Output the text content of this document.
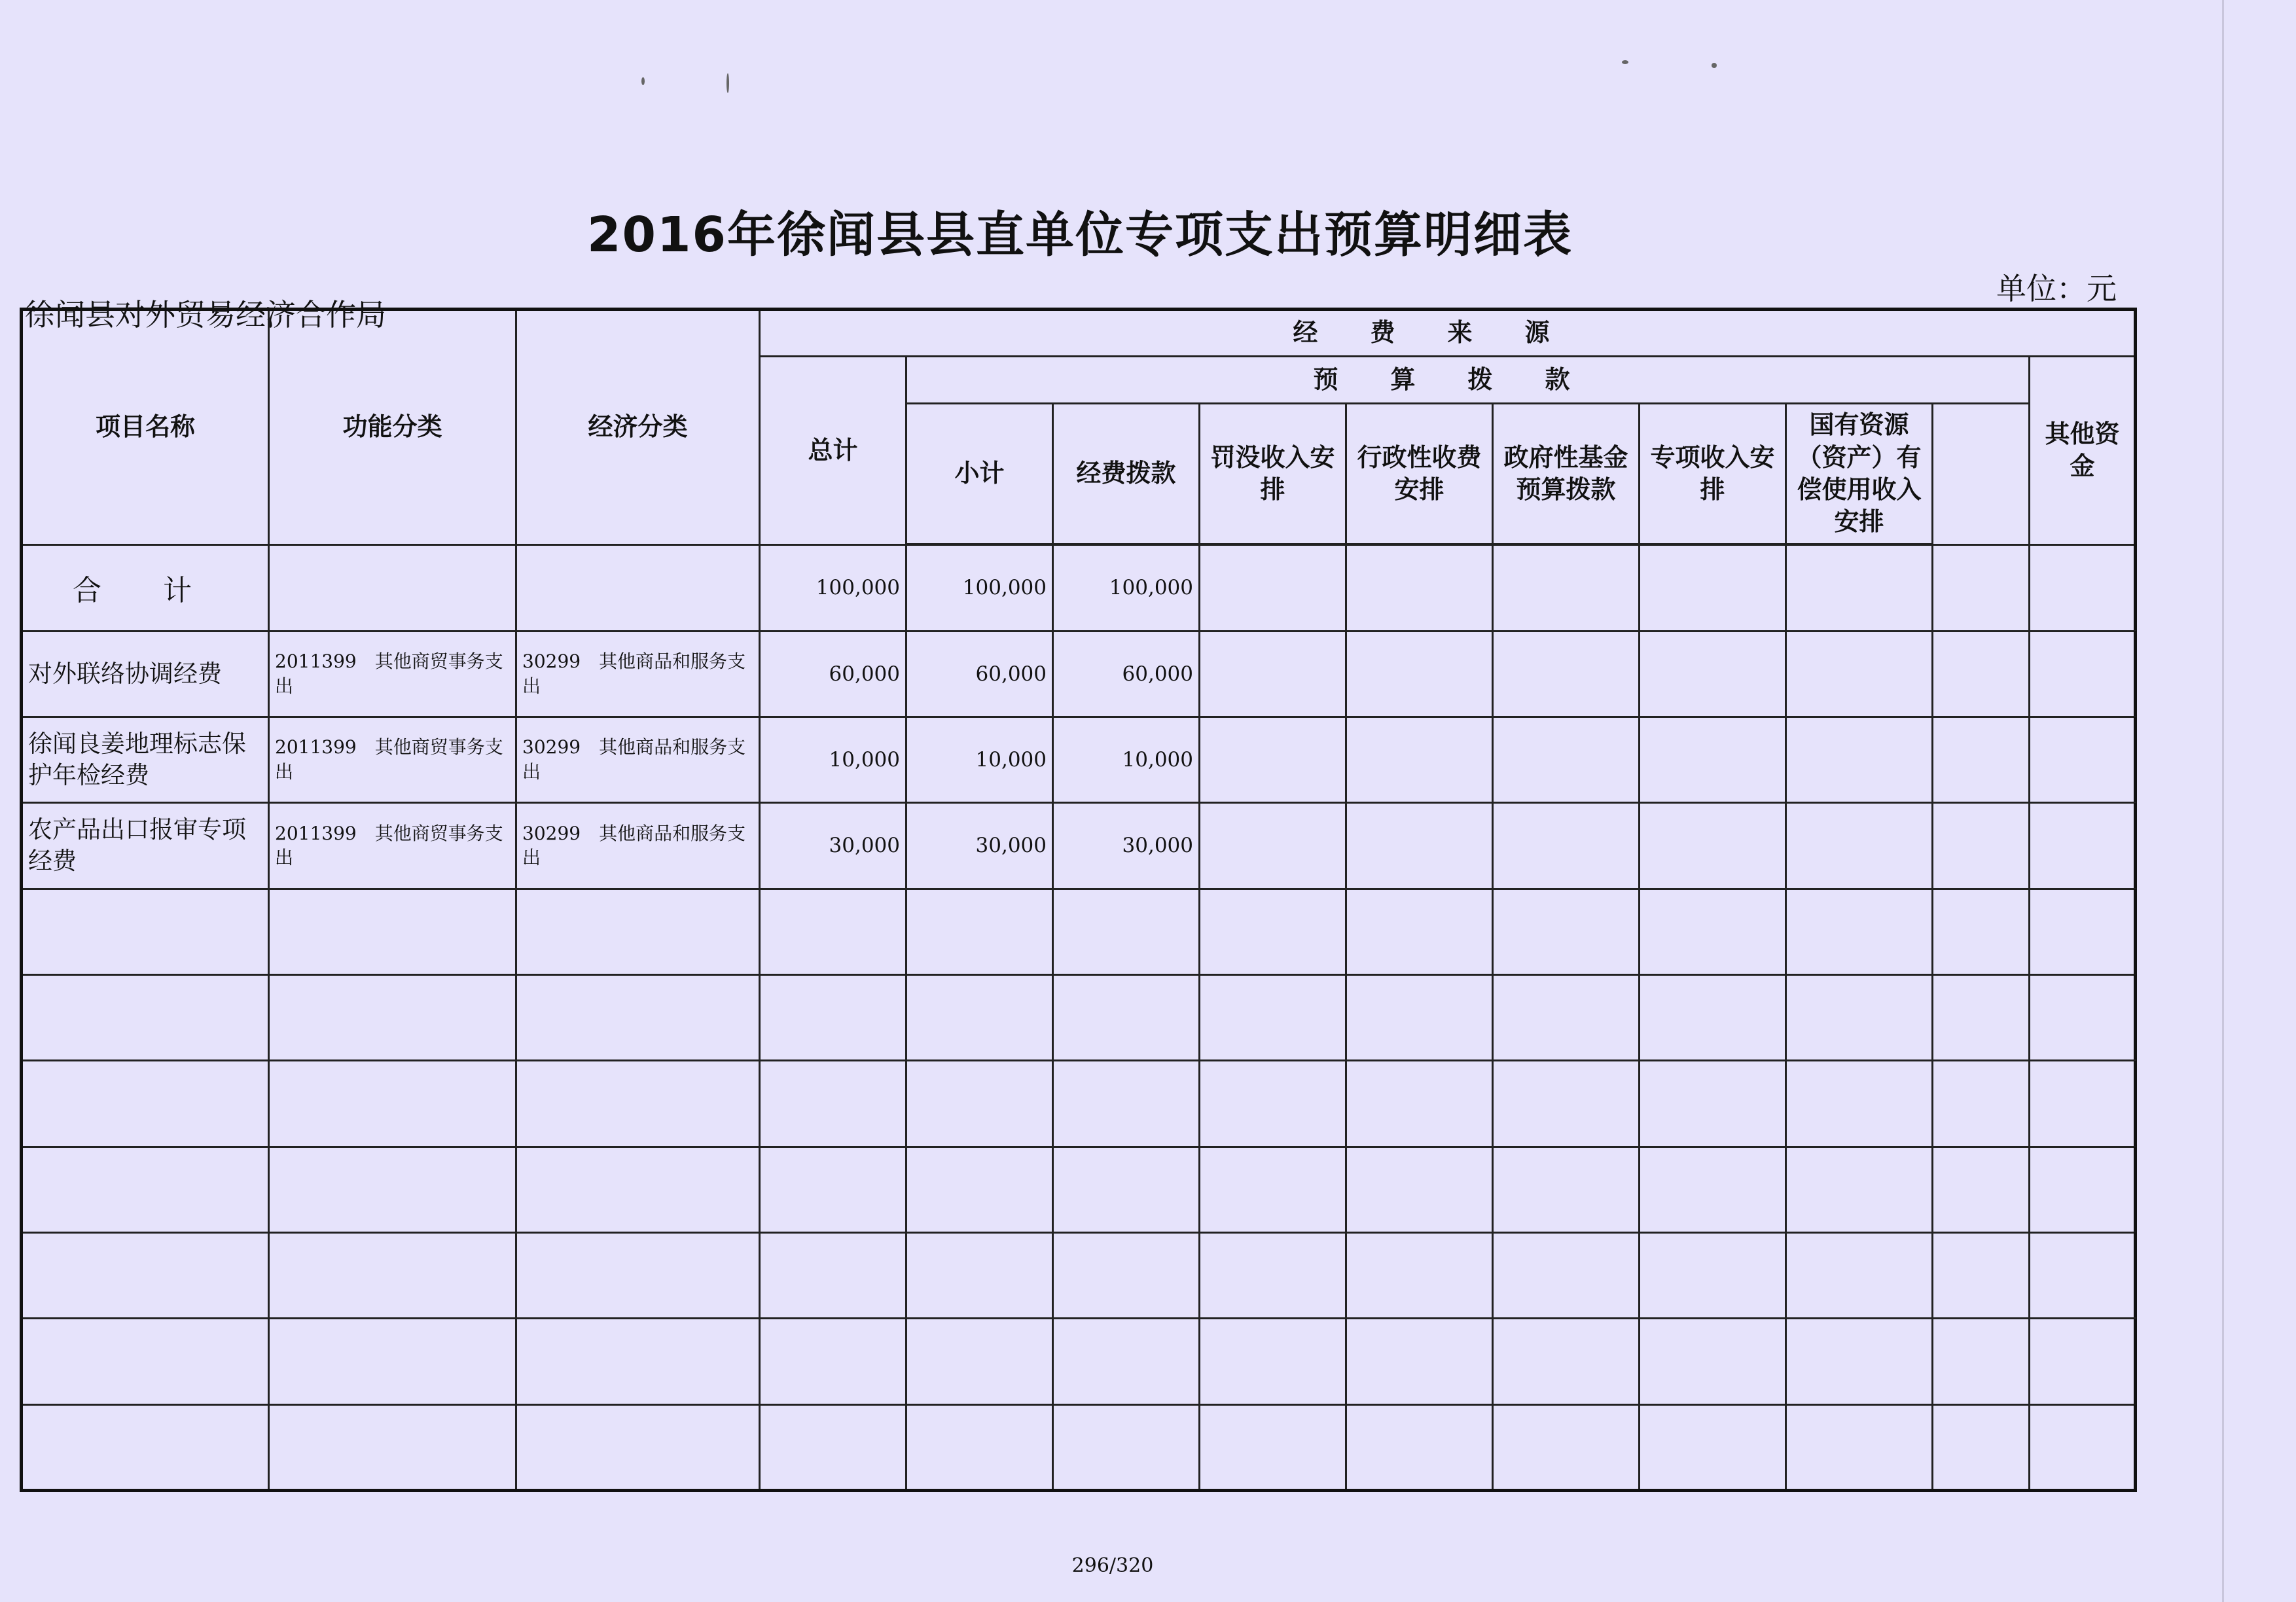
2016年徐闻县县直单位专项支出预算明细表
徐闻县对外贸易经济合作局
单位：元
项目名称	功能分类	经济分类	经费来源										
			总计	预算拨款								其他资金	
				小计	经费拨款	罚没收入安排	行政性收费安排	政府性基金预算拨款	专项收入安排	国有资源（资产）有偿使用收入安排			

合 计			100,000	100,000	100,000								
对外联络协调经费	2011399　其他商贸事务支出	30299　其他商品和服务支出	60,000	60,000	60,000								
徐闻良姜地理标志保护年检经费	2011399　其他商贸事务支出	30299　其他商品和服务支出	10,000	10,000	10,000								
农产品出口报审专项经费	2011399　其他商贸事务支出	30299　其他商品和服务支出	30,000	30,000	30,000								

296/320
